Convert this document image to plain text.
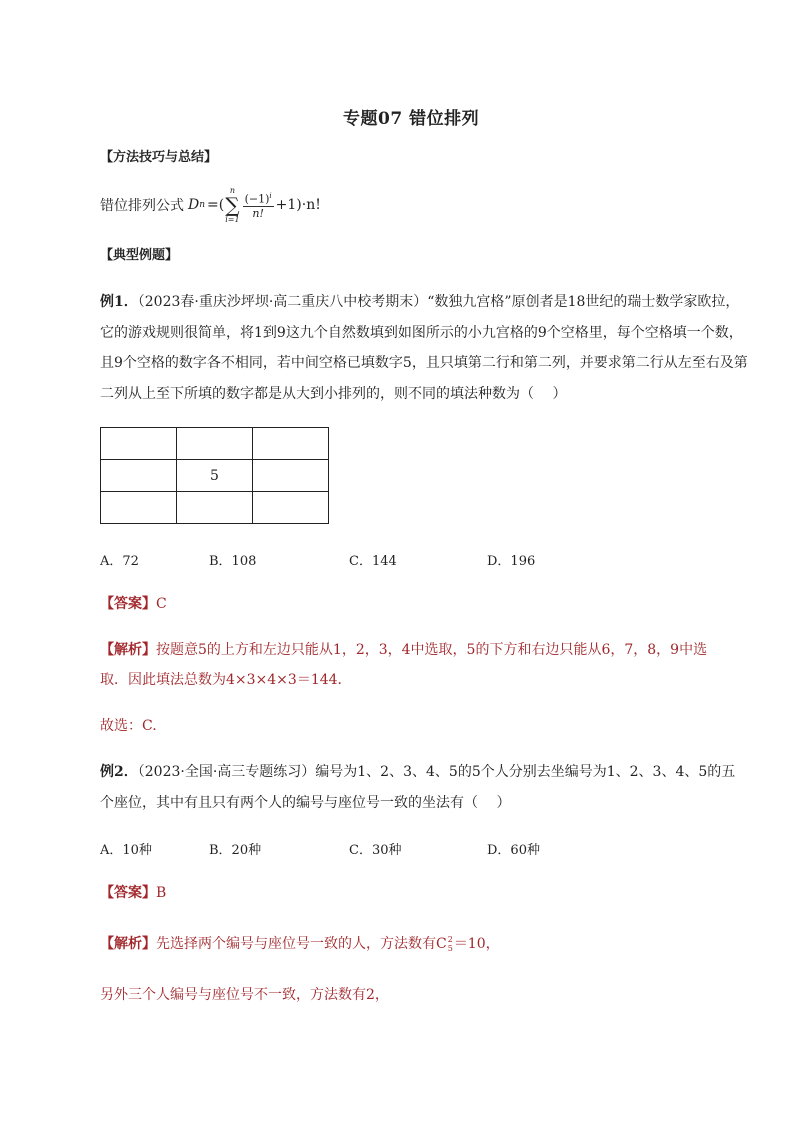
专题07 错位排列
【方法技巧与总结】
错位排列公式 D n =(
n
∑
$i=1 \frac{(-1)^i}{n!} +1)\cdot n$!
【典型例题】
例1．（2023春·重庆沙坪坝·高二重庆八中校考期末）“数独九宫格”原创者是18世纪的瑞士数学家欧拉，
它的游戏规则很简单，将1到9这九个自然数填到如图所示的小九宫格的9个空格里，每个空格填一个数，
且9个空格的数字各不相同，若中间空格已填数字5，且只填第二行和第二列，并要求第二行从左至右及第
二列从上至下所填的数字都是从大到小排列的，则不同的填法种数为（　 ）

	5	

A．72	B．108	C．144	D．196
【答案】C
【解析】按题意5的上方和左边只能从1，2，3，4中选取，5的下方和右边只能从6，7，8，9中选
取．因此填法总数为4×3×4×3＝144．
故选：C.
例2．（2023·全国·高三专题练习）编号为1、2、3、4、5的5个人分别去坐编号为1、2、3、4、5的五
个座位，其中有且只有两个人的编号与座位号一致的坐法有（　 ）
A．10种	B．20种	C．30种	D．60种
【答案】B
【解析】先选择两个编号与座位号一致的人，方法数有C 2
5 ＝10，
另外三个人编号与座位号不一致，方法数有2，
